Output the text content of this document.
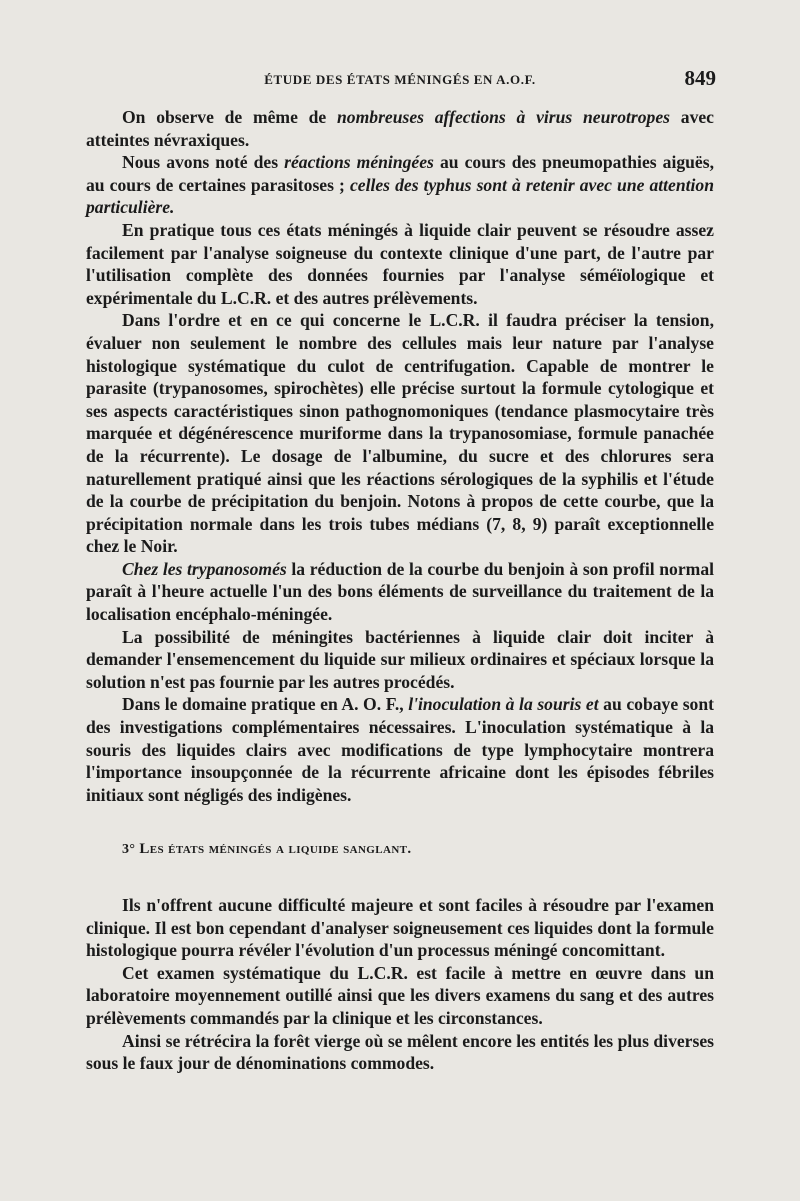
ÉTUDE DES ÉTATS MÉNINGÉS EN A.O.F.	849

On observe de même de nombreuses affections à virus neurotropes avec atteintes névraxiques.

Nous avons noté des réactions méningées au cours des pneumopathies aiguës, au cours de certaines parasitoses ; celles des typhus sont à retenir avec une attention particulière.

En pratique tous ces états méningés à liquide clair peuvent se résoudre assez facilement par l'analyse soigneuse du contexte clinique d'une part, de l'autre par l'utilisation complète des données fournies par l'analyse séméïologique et expérimentale du L.C.R. et des autres prélèvements.

Dans l'ordre et en ce qui concerne le L.C.R. il faudra préciser la tension, évaluer non seulement le nombre des cellules mais leur nature par l'analyse histologique systématique du culot de centrifugation. Capable de montrer le parasite (trypanosomes, spirochètes) elle précise surtout la formule cytologique et ses aspects caractéristiques sinon pathognomoniques (tendance plasmocytaire très marquée et dégénérescence muriforme dans la trypanosomiase, formule panachée de la récurrente). Le dosage de l'albumine, du sucre et des chlorures sera naturellement pratiqué ainsi que les réactions sérologiques de la syphilis et l'étude de la courbe de précipitation du benjoin. Notons à propos de cette courbe, que la précipitation normale dans les trois tubes médians (7, 8, 9) paraît exceptionnelle chez le Noir.

Chez les trypanosomés la réduction de la courbe du benjoin à son profil normal paraît à l'heure actuelle l'un des bons éléments de surveillance du traitement de la localisation encéphalo-méningée.

La possibilité de méningites bactériennes à liquide clair doit inciter à demander l'ensemencement du liquide sur milieux ordinaires et spéciaux lorsque la solution n'est pas fournie par les autres procédés.

Dans le domaine pratique en A. O. F., l'inoculation à la souris et au cobaye sont des investigations complémentaires nécessaires. L'inoculation systématique à la souris des liquides clairs avec modifications de type lymphocytaire montrera l'importance insoupçonnée de la récurrente africaine dont les épisodes fébriles initiaux sont négligés des indigènes.

3° Les états méningés a liquide sanglant.

Ils n'offrent aucune difficulté majeure et sont faciles à résoudre par l'examen clinique. Il est bon cependant d'analyser soigneusement ces liquides dont la formule histologique pourra révéler l'évolution d'un processus méningé concomittant.

Cet examen systématique du L.C.R. est facile à mettre en œuvre dans un laboratoire moyennement outillé ainsi que les divers examens du sang et des autres prélèvements commandés par la clinique et les circonstances.

Ainsi se rétrécira la forêt vierge où se mêlent encore les entités les plus diverses sous le faux jour de dénominations commodes.
